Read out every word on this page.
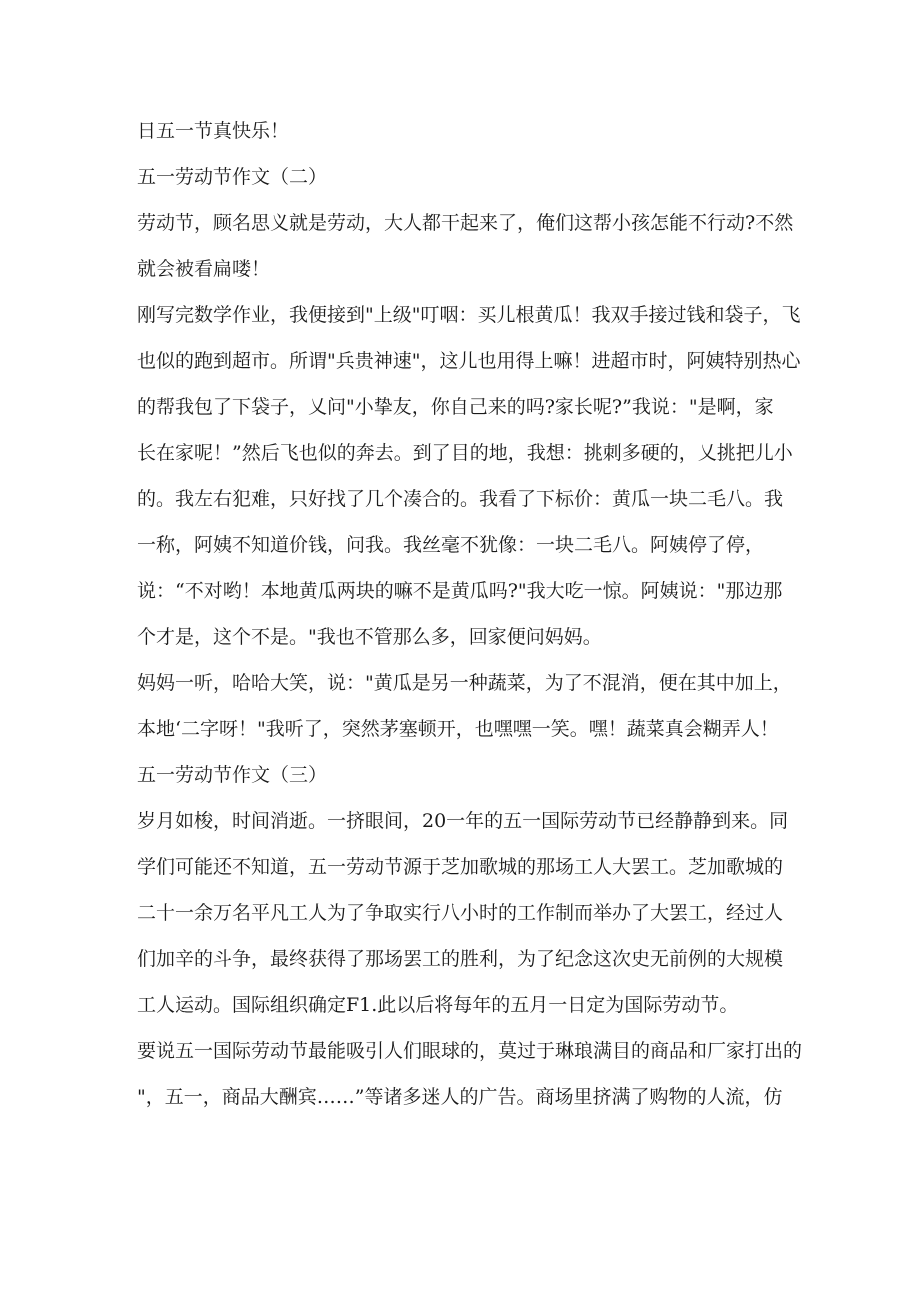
日五一节真快乐！
五一劳动节作文（二）
劳动节，顾名思义就是劳动，大人都干起来了，俺们这帮小孩怎能不行动?不然
就会被看扁喽！
刚写完数学作业，我便接到"上级"叮咽：买儿根黄瓜！我双手接过钱和袋子，飞
也似的跑到超市。所谓"兵贵神速"，这儿也用得上嘛！进超市时，阿姨特别热心
的帮我包了下袋子，乂问"小挚友，你自己来的吗?家长呢?”我说："是啊，家
长在家呢！”然后飞也似的奔去。到了目的地，我想：挑刺多硬的，乂挑把儿小
的。我左右犯难，只好找了几个凑合的。我看了下标价：黄瓜一块二毛八。我
一称，阿姨不知道价钱，问我。我丝毫不犹像：一块二毛八。阿姨停了停，
说：“不对哟！本地黄瓜两块的嘛不是黄瓜吗?"我大吃一惊。阿姨说："那边那
个才是，这个不是。"我也不管那么多，回家便问妈妈。
妈妈一听，哈哈大笑，说："黄瓜是另一种蔬菜，为了不混消，便在其中加上，
本地‘二字呀！"我听了，突然茅塞顿开，也嘿嘿一笑。嘿！蔬菜真会糊弄人！
五一劳动节作文（三）
岁月如梭，时间消逝。一挤眼间，20一年的五一国际劳动节已经静静到来。同
学们可能还不知道，五一劳动节源于芝加歌城的那场工人大罢工。芝加歌城的
二十一余万名平凡工人为了争取实行八小时的工作制而举办了大罢工，经过人
们加辛的斗争，最终获得了那场罢工的胜利，为了纪念这次史无前例的大规模
工人运动。国际组织确定F1.此以后将每年的五月一日定为国际劳动节。
要说五一国际劳动节最能吸引人们眼球的，莫过于琳琅满目的商品和厂家打出的
"，五一，商品大酬宾……”等诸多迷人的广告。商场里挤满了购物的人流，仿
